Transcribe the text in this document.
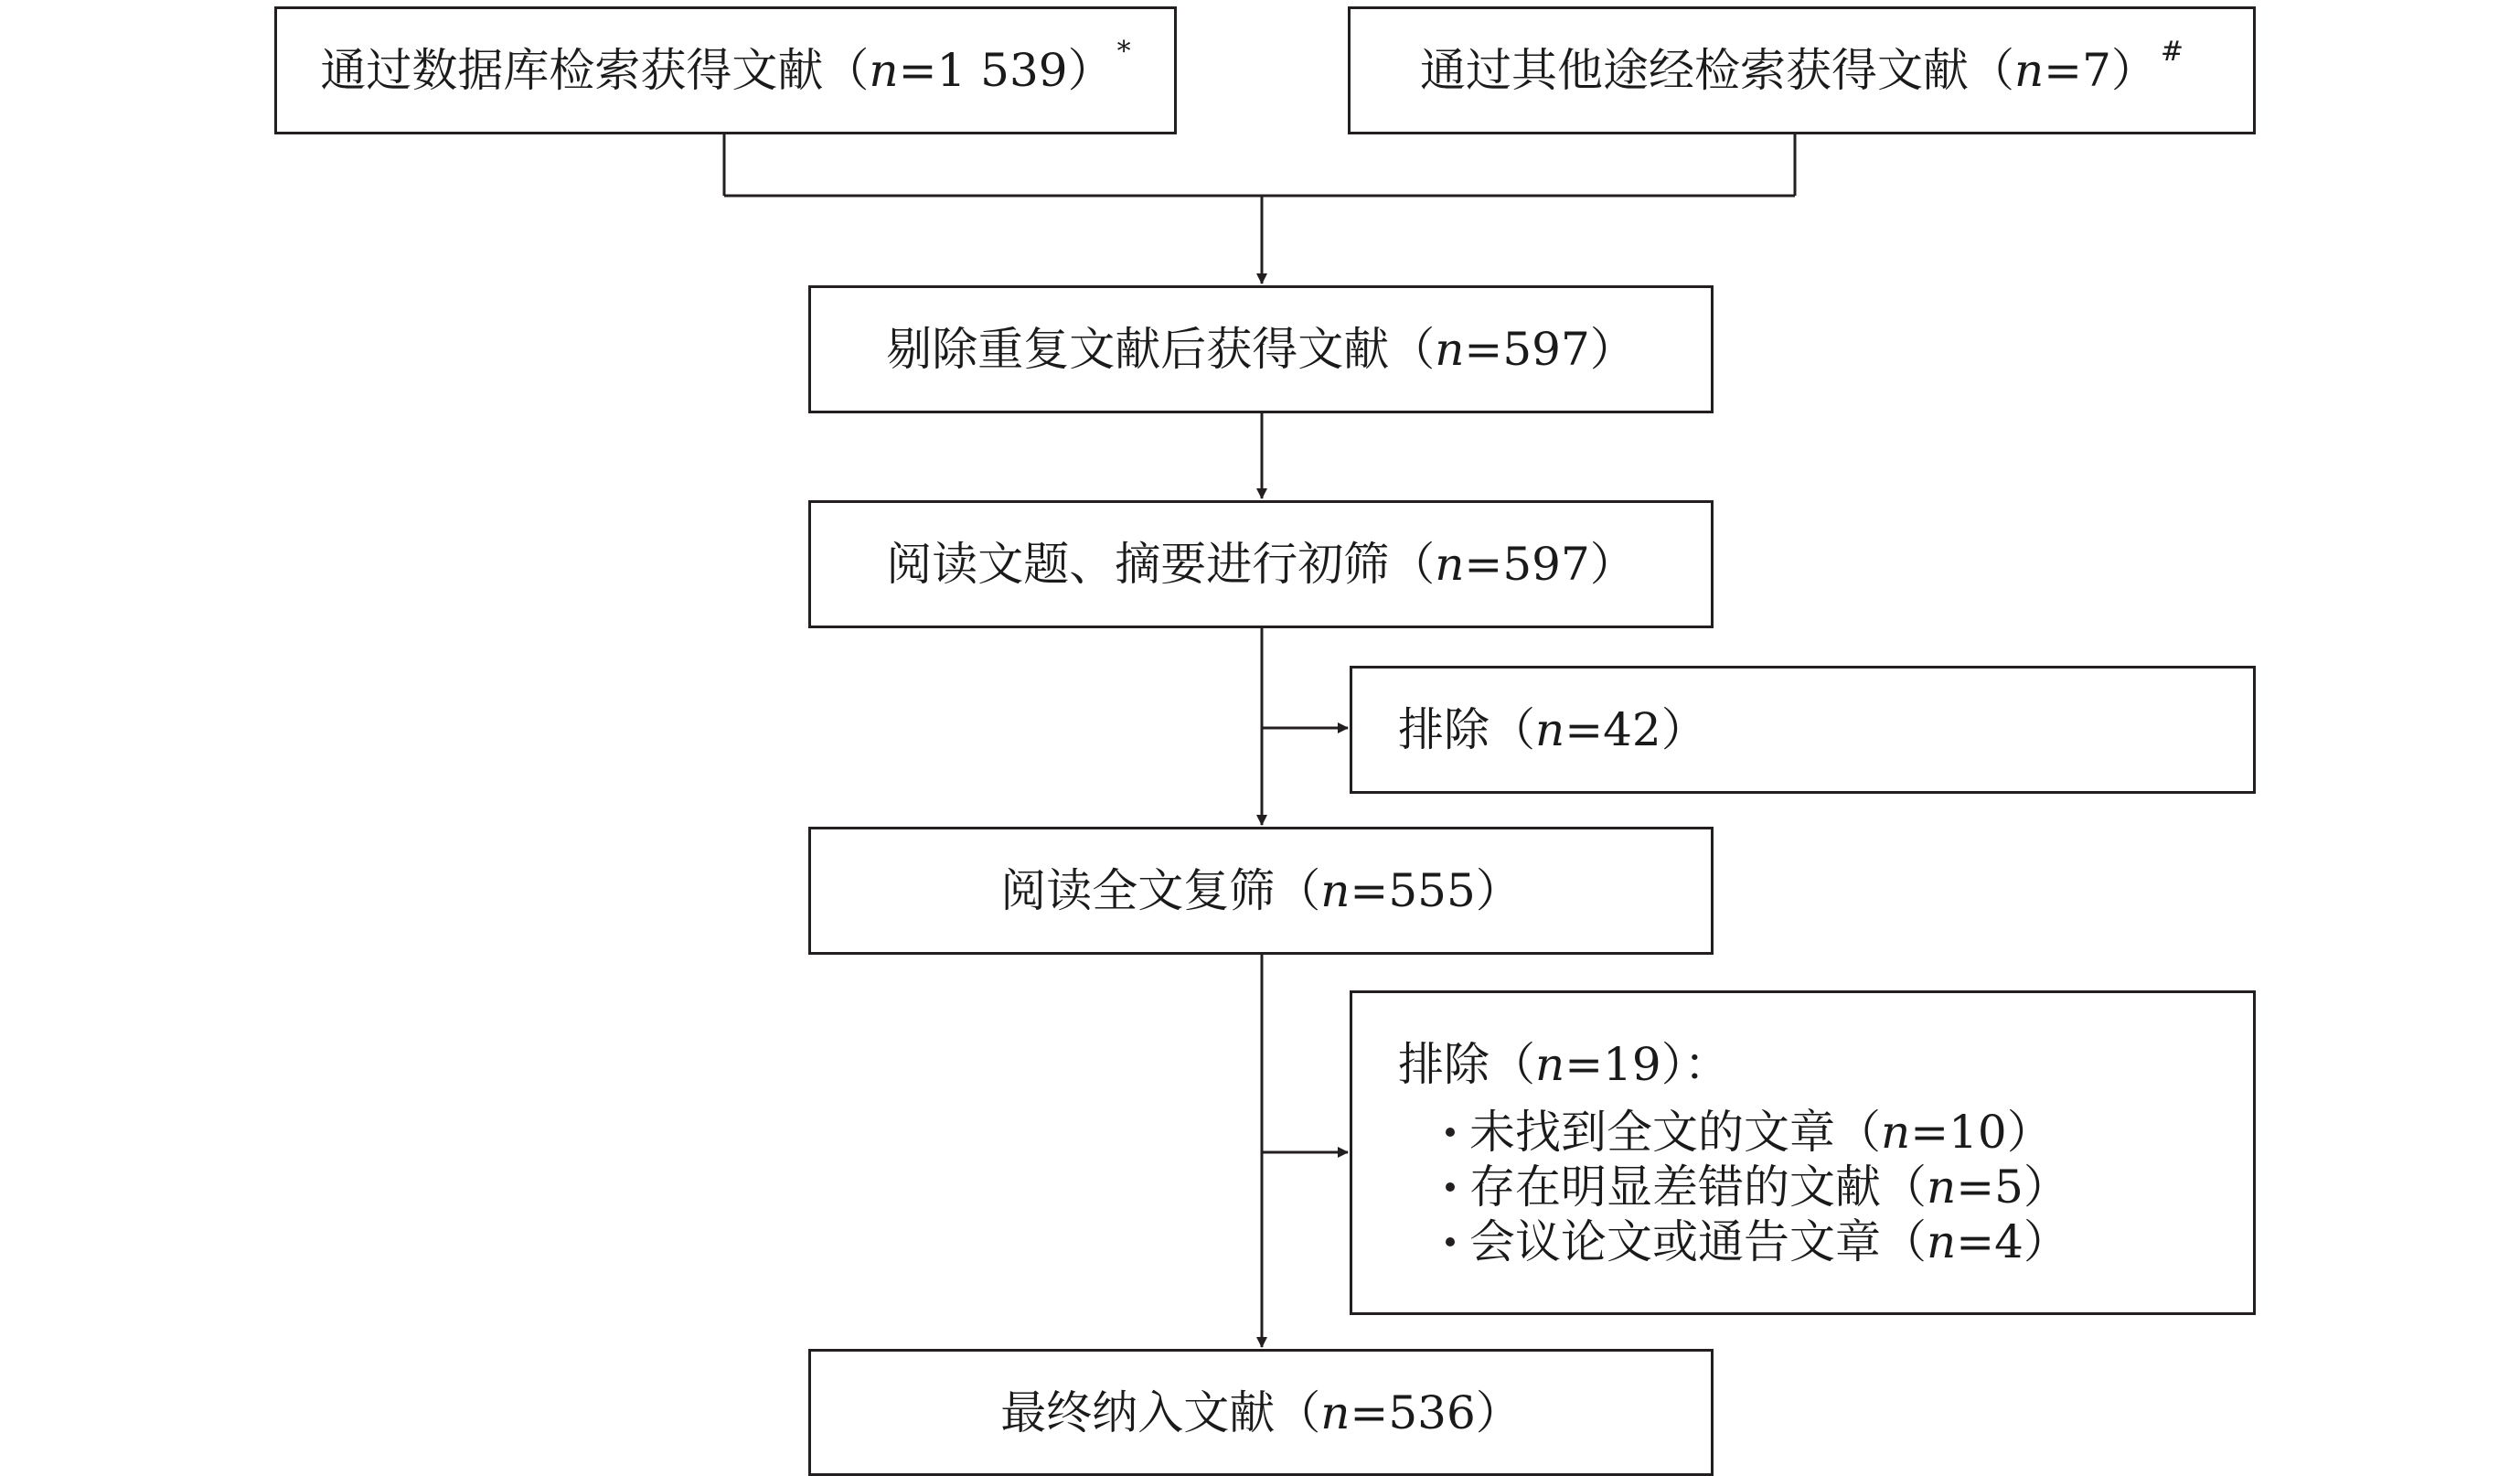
通过数据库检索获得文献（ n =1 539） *	通过其他途经检索获得文献（ n =7） #
剔除重复文献后获得文献（ n =597）
阅读文题、摘要进行初筛（ n =597）
排除（ n =42）
阅读全文复筛（ n =555）
排除（n=19）：
未找到全文的文章（ n =10）
存在明显差错的文献（ n =5）
会议论文或通告文章（ n =4）
最终纳入文献（ n =536）
